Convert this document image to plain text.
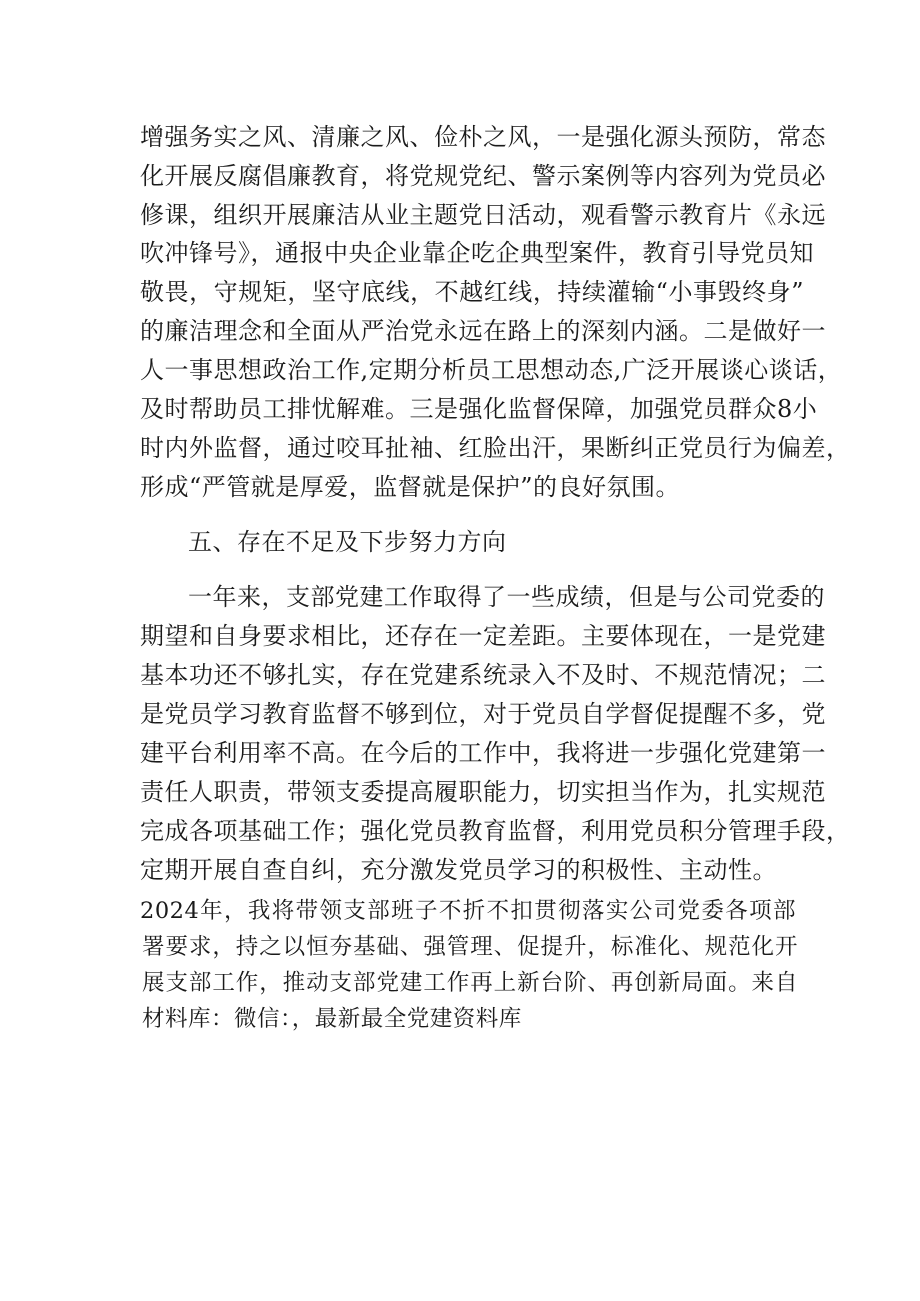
增强务实之风、清廉之风、俭朴之风，一是强化源头预防，常态
化开展反腐倡廉教育，将党规党纪、警示案例等内容列为党员必
修课，组织开展廉洁从业主题党日活动，观看警示教育片《永远
吹冲锋号》，通报中央企业靠企吃企典型案件，教育引导党员知
敬畏，守规矩，坚守底线，不越红线，持续灌输“小事毁终身”
的廉洁理念和全面从严治党永远在路上的深刻内涵。二是做好一
人一事思想政治工作,定期分析员工思想动态,广泛开展谈心谈话，
及时帮助员工排忧解难。三是强化监督保障，加强党员群众8小
时内外监督，通过咬耳扯袖、红脸出汗，果断纠正党员行为偏差，
形成“严管就是厚爱，监督就是保护”的良好氛围。
五、存在不足及下步努力方向
一年来，支部党建工作取得了一些成绩，但是与公司党委的
期望和自身要求相比，还存在一定差距。主要体现在，一是党建
基本功还不够扎实，存在党建系统录入不及时、不规范情况；二
是党员学习教育监督不够到位，对于党员自学督促提醒不多，党
建平台利用率不高。在今后的工作中，我将进一步强化党建第一
责任人职责，带领支委提高履职能力，切实担当作为，扎实规范
完成各项基础工作；强化党员教育监督，利用党员积分管理手段，
定期开展自查自纠，充分激发党员学习的积极性、主动性。
2024年，我将带领支部班子不折不扣贯彻落实公司党委各项部
署要求，持之以恒夯基础、强管理、促提升，标准化、规范化开
展支部工作，推动支部党建工作再上新台阶、再创新局面。来自
材料库：微信：，最新最全党建资料库
